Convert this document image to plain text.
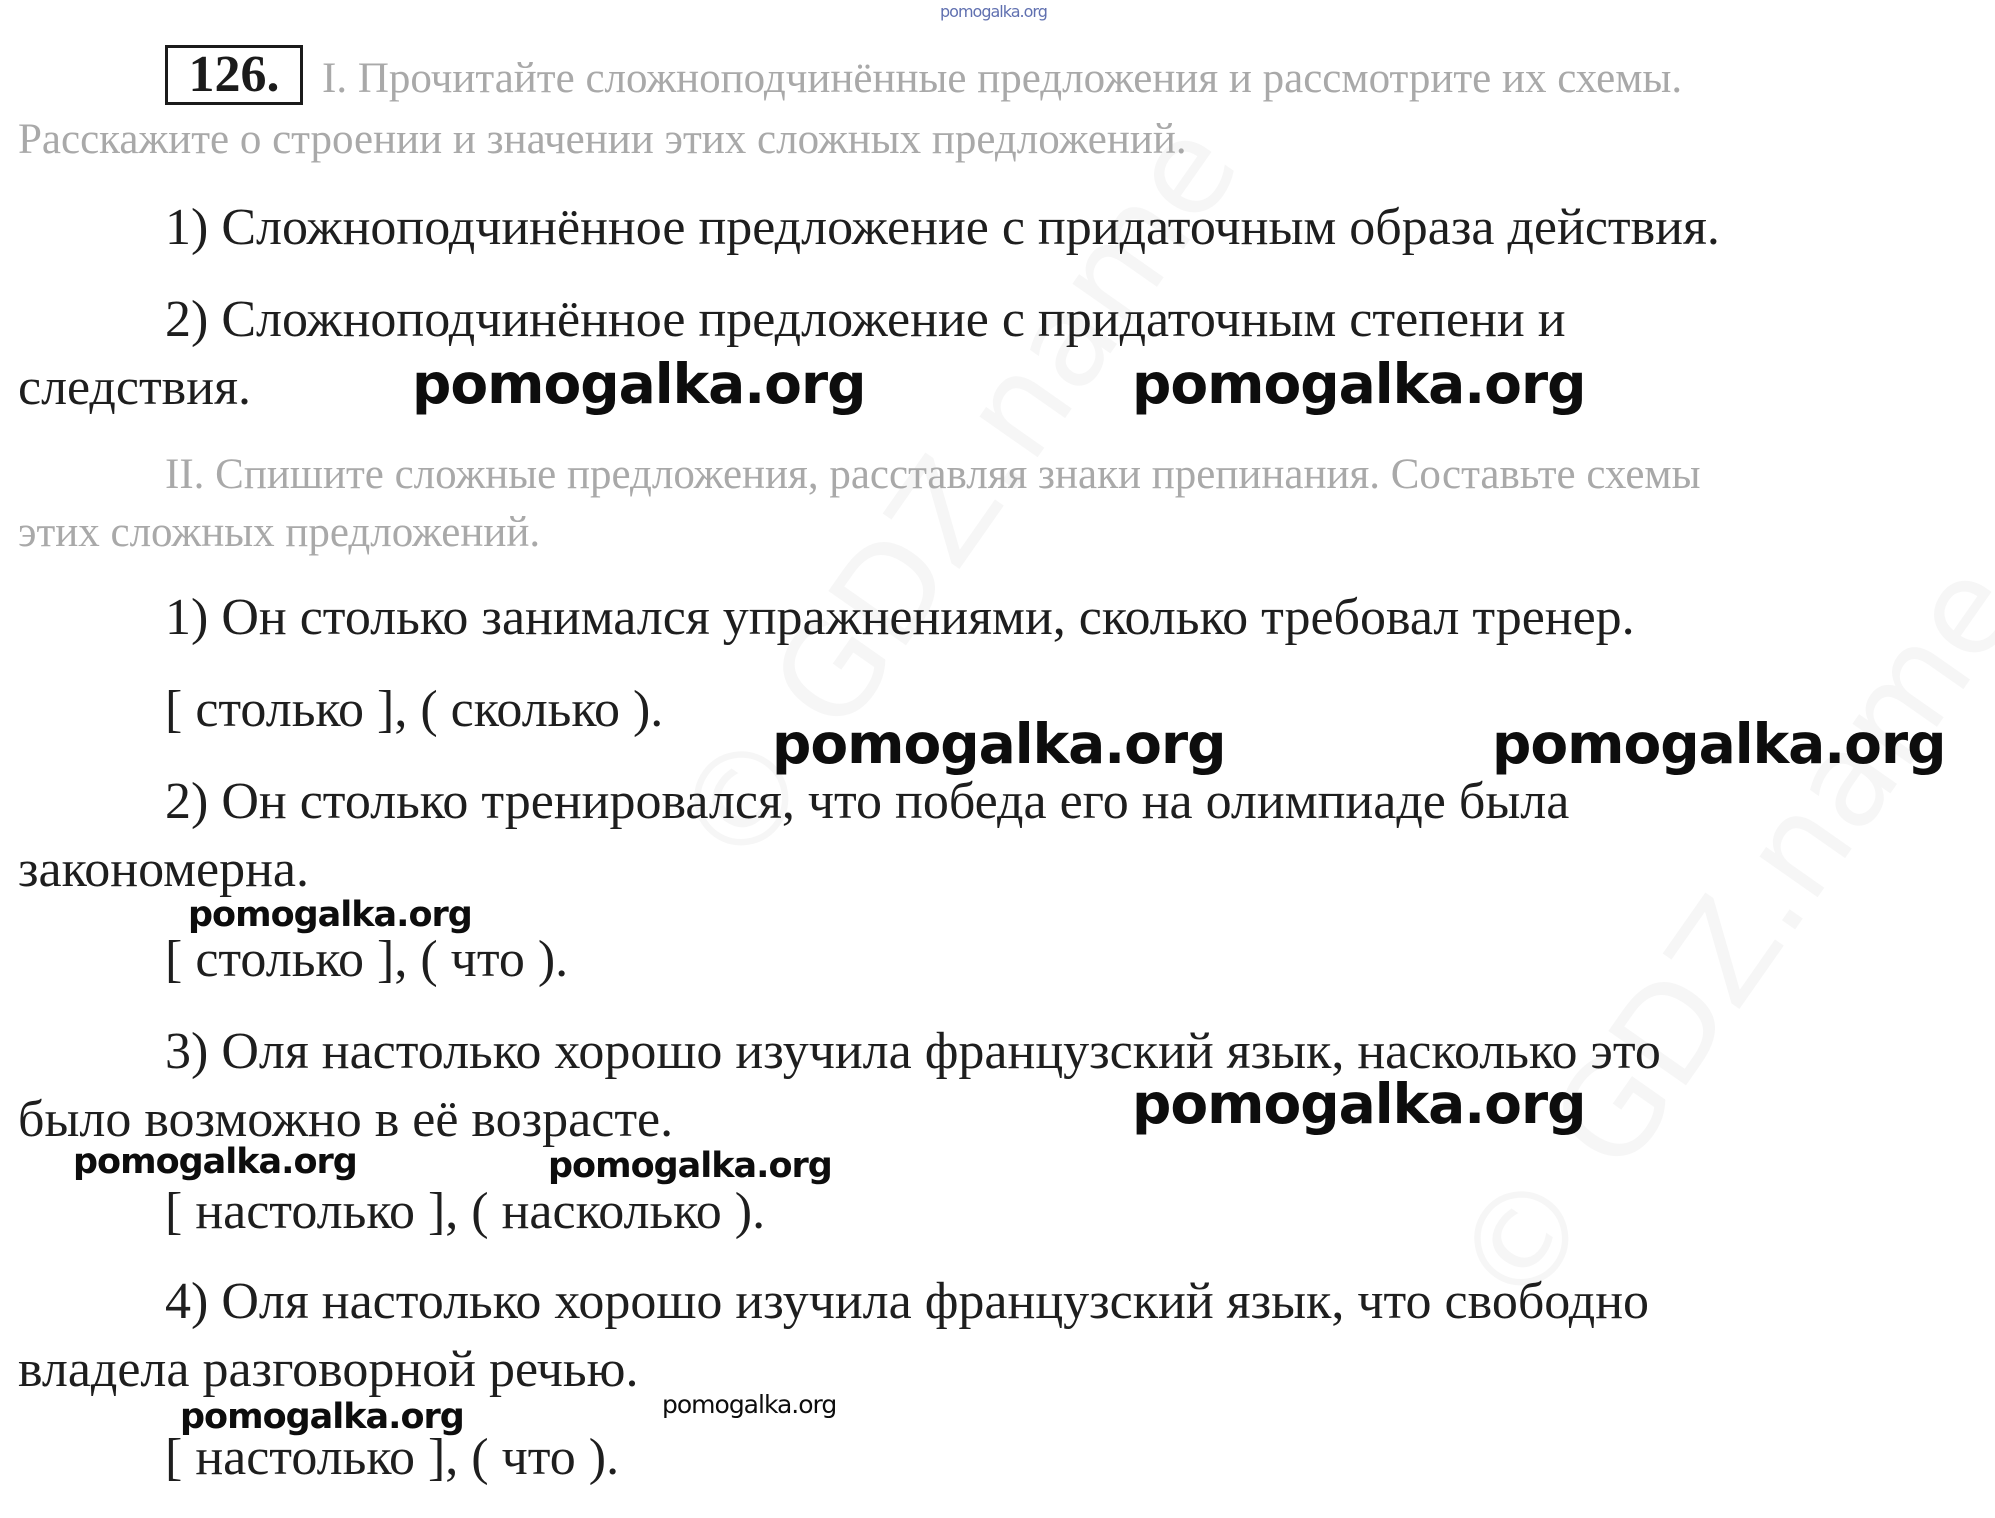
pomogalka.org
126. I. Прочитайте сложноподчинённые предложения и рассмотрите их схемы.
Расскажите о строении и значении этих сложных предложений.
1) Сложноподчинённое предложение с придаточным образа действия.
2) Сложноподчинённое предложение с придаточным степени и
следствия.
II. Спишите сложные предложения, расставляя знаки препинания. Составьте схемы
этих сложных предложений.
1) Он столько занимался упражнениями, сколько требовал тренер.
[ столько ], ( сколько ).
2) Он столько тренировался, что победа его на олимпиаде была
закономерна.
[ столько ], ( что ).
3) Оля настолько хорошо изучила французский язык, насколько это
было возможно в её возрасте.
[ настолько ], ( насколько ).
4) Оля настолько хорошо изучила французский язык, что свободно
владела разговорной речью.
[ настолько ], ( что ).
pomogalka.org	pomogalka.org
pomogalka.org	pomogalka.org
pomogalka.org
pomogalka.org
pomogalka.org	pomogalka.org
pomogalka.org	pomogalka.org
